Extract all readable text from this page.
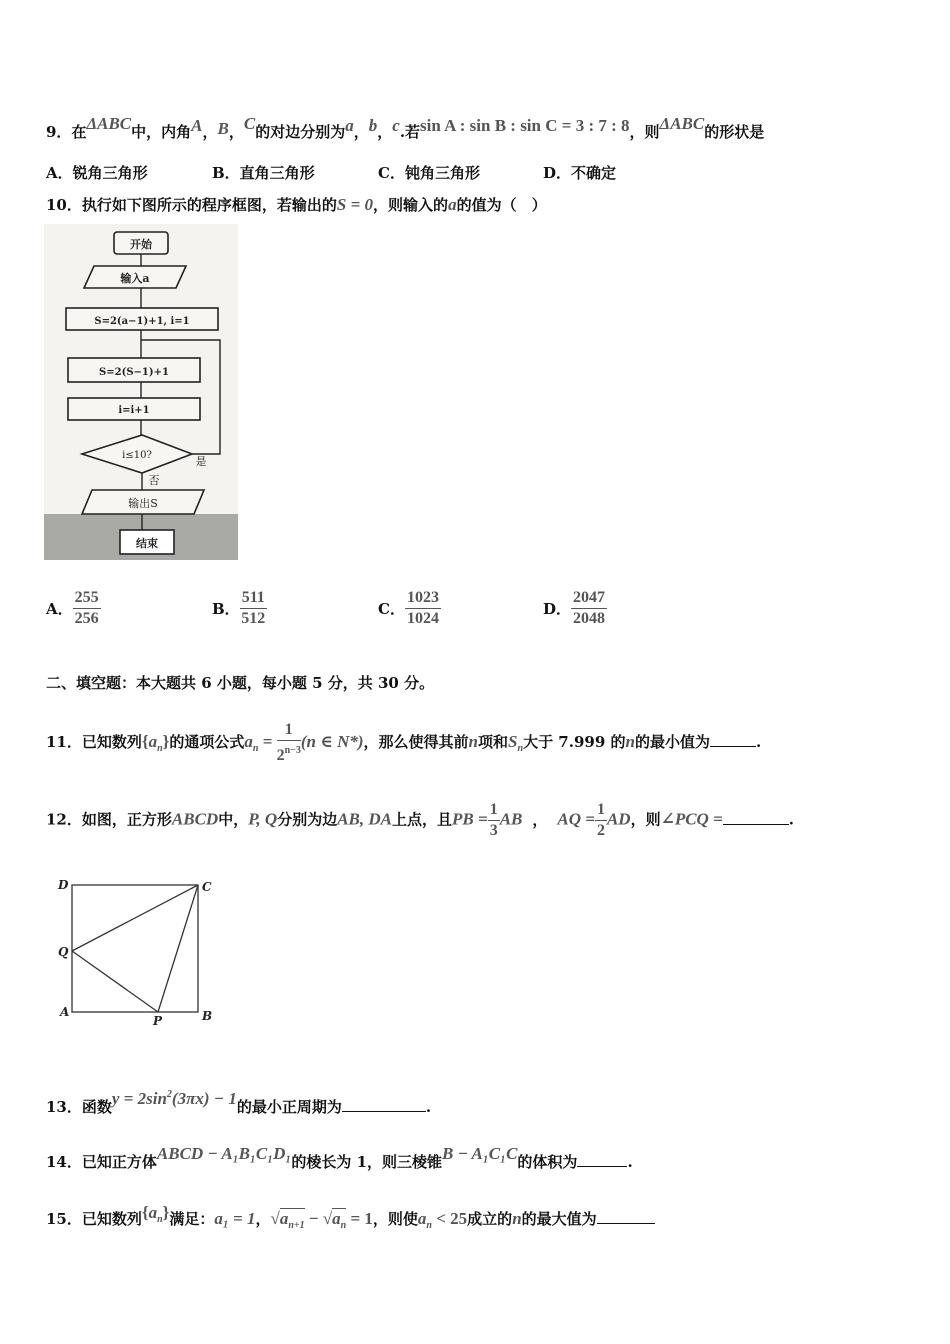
9．在ΔABC中，内角A，B，C的对边分别为a，b，c.若sin A : sin B : sin C = 3 : 7 : 8，则ΔABC的形状是
A．锐角三角形	B．直角三角形	C．钝角三角形	D．不确定
10．执行如下图所示的程序框图，若输出的S = 0，则输入的a的值为（　）
开始
输入a
S=2(a−1)+1, i=1
S=2(S−1)+1
i=i+1
i≤10?	是
否
输出S
结束
A． $\frac{255}{256}$	B． $\frac{511}{512}$	C． $\frac{1023}{1024}$	D． $\frac{2047}{2048}$
二、填空题：本大题共 6 小题，每小题 5 分，共 30 分。
11．已知数列$\{a_n\}$的通项公式$a_n = \frac{1}{2^{n-3}} (n$ ∈ N*)，那么使得其前n项和$S_n$大于 7.999 的n的最小值为	.
12．如图，正方形ABCD中，P, Q分别为边AB, DA上点，且PB = $\frac{1}{3}$ AB ， AQ = $\frac{1}{2}$ AD，则∠PCQ =	.
D	C
Q
A
P	B
13．函数$y = 2\sin^2(3\pi x) - 1$的最小正周期为	.
14．已知正方体ABCD − A₁B₁C₁D₁的棱长为 1，则三棱锥B − A₁C₁C的体积为	.
15．已知数列$\{a_n\}$满足：a₁ = 1，$√a_{n+1} - √a_n = 1$，则使$a_n < 25$成立的n的最大值为
